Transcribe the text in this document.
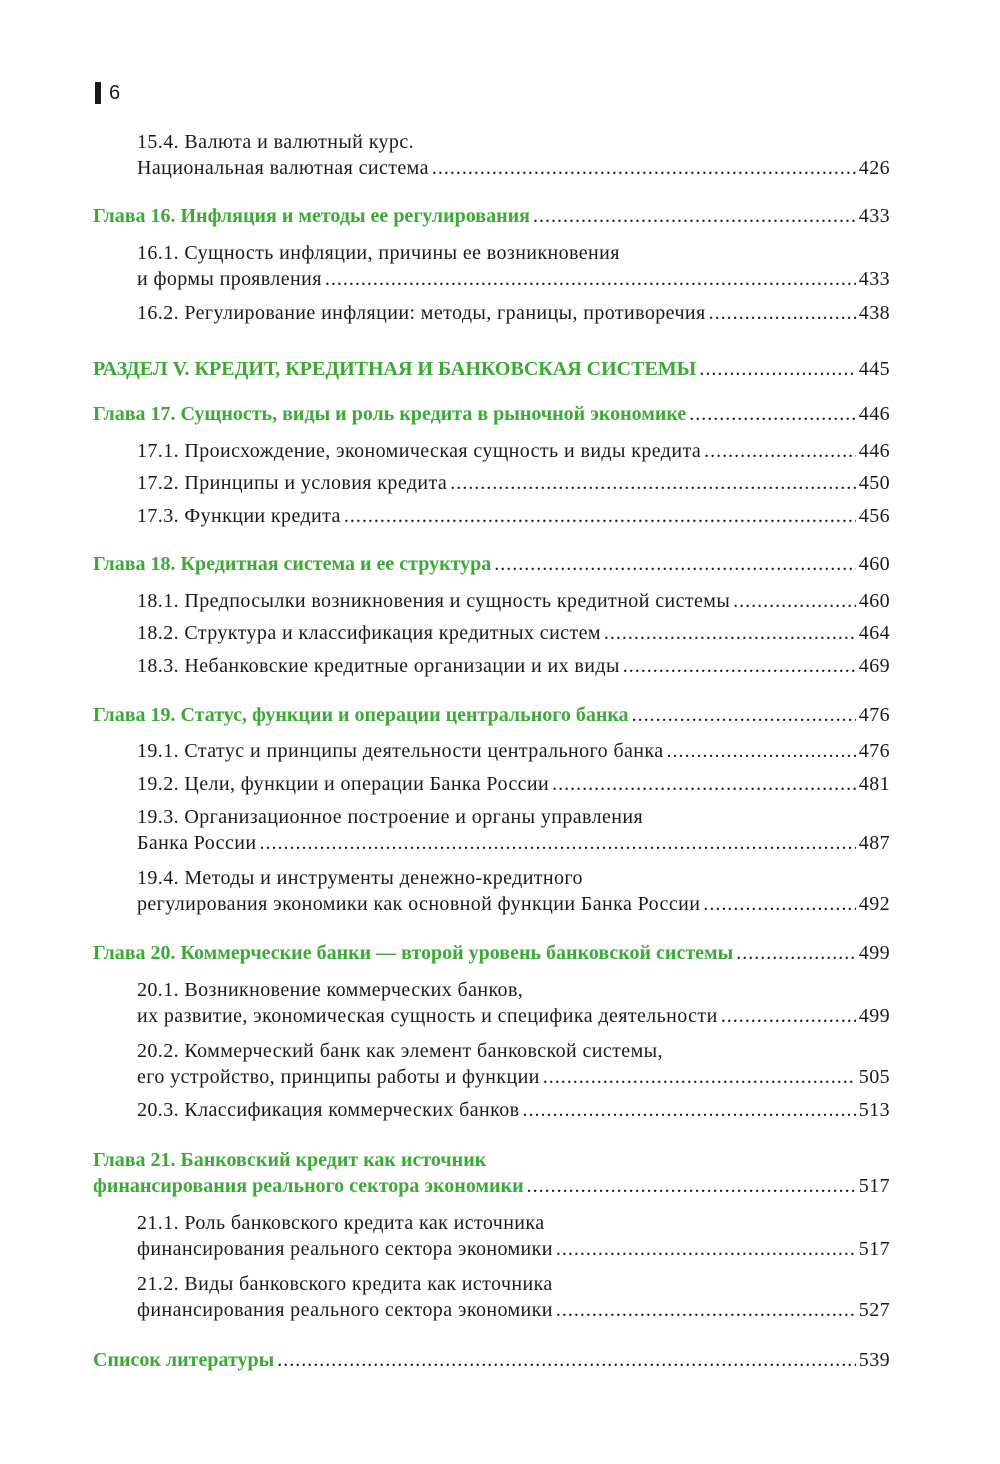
6
15.4. Валюта и валютный курс.
Национальная валютная система .....	426
Глава 16. Инфляция и методы ее регулирования .....	433
16.1. Сущность инфляции, причины ее возникновения
и формы проявления .....	433
16.2. Регулирование инфляции: методы, границы, противоречия .....	438
РАЗДЕЛ V. КРЕДИТ, КРЕДИТНАЯ И БАНКОВСКАЯ СИСТЕМЫ .....	445
Глава 17. Сущность, виды и роль кредита в рыночной экономике .....	446
17.1. Происхождение, экономическая сущность и виды кредита .....	446
17.2. Принципы и условия кредита .....	450
17.3. Функции кредита .....	456
Глава 18. Кредитная система и ее структура .....	460
18.1. Предпосылки возникновения и сущность кредитной системы .....	460
18.2. Структура и классификация кредитных систем .....	464
18.3. Небанковские кредитные организации и их виды .....	469
Глава 19. Статус, функции и операции центрального банка .....	476
19.1. Статус и принципы деятельности центрального банка .....	476
19.2. Цели, функции и операции Банка России .....	481
19.3. Организационное построение и органы управления
Банка России .....	487
19.4. Методы и инструменты денежно-кредитного
регулирования экономики как основной функции Банка России .....	492
Глава 20. Коммерческие банки — второй уровень банковской системы .....	499
20.1. Возникновение коммерческих банков,
их развитие, экономическая сущность и специфика деятельности .....	499
20.2. Коммерческий банк как элемент банковской системы,
его устройство, принципы работы и функции .....	505
20.3. Классификация коммерческих банков .....	513
Глава 21. Банковский кредит как источник
финансирования реального сектора экономики .....	517
21.1. Роль банковского кредита как источника
финансирования реального сектора экономики .....	517
21.2. Виды банковского кредита как источника
финансирования реального сектора экономики .....	527
Список литературы .....	539
